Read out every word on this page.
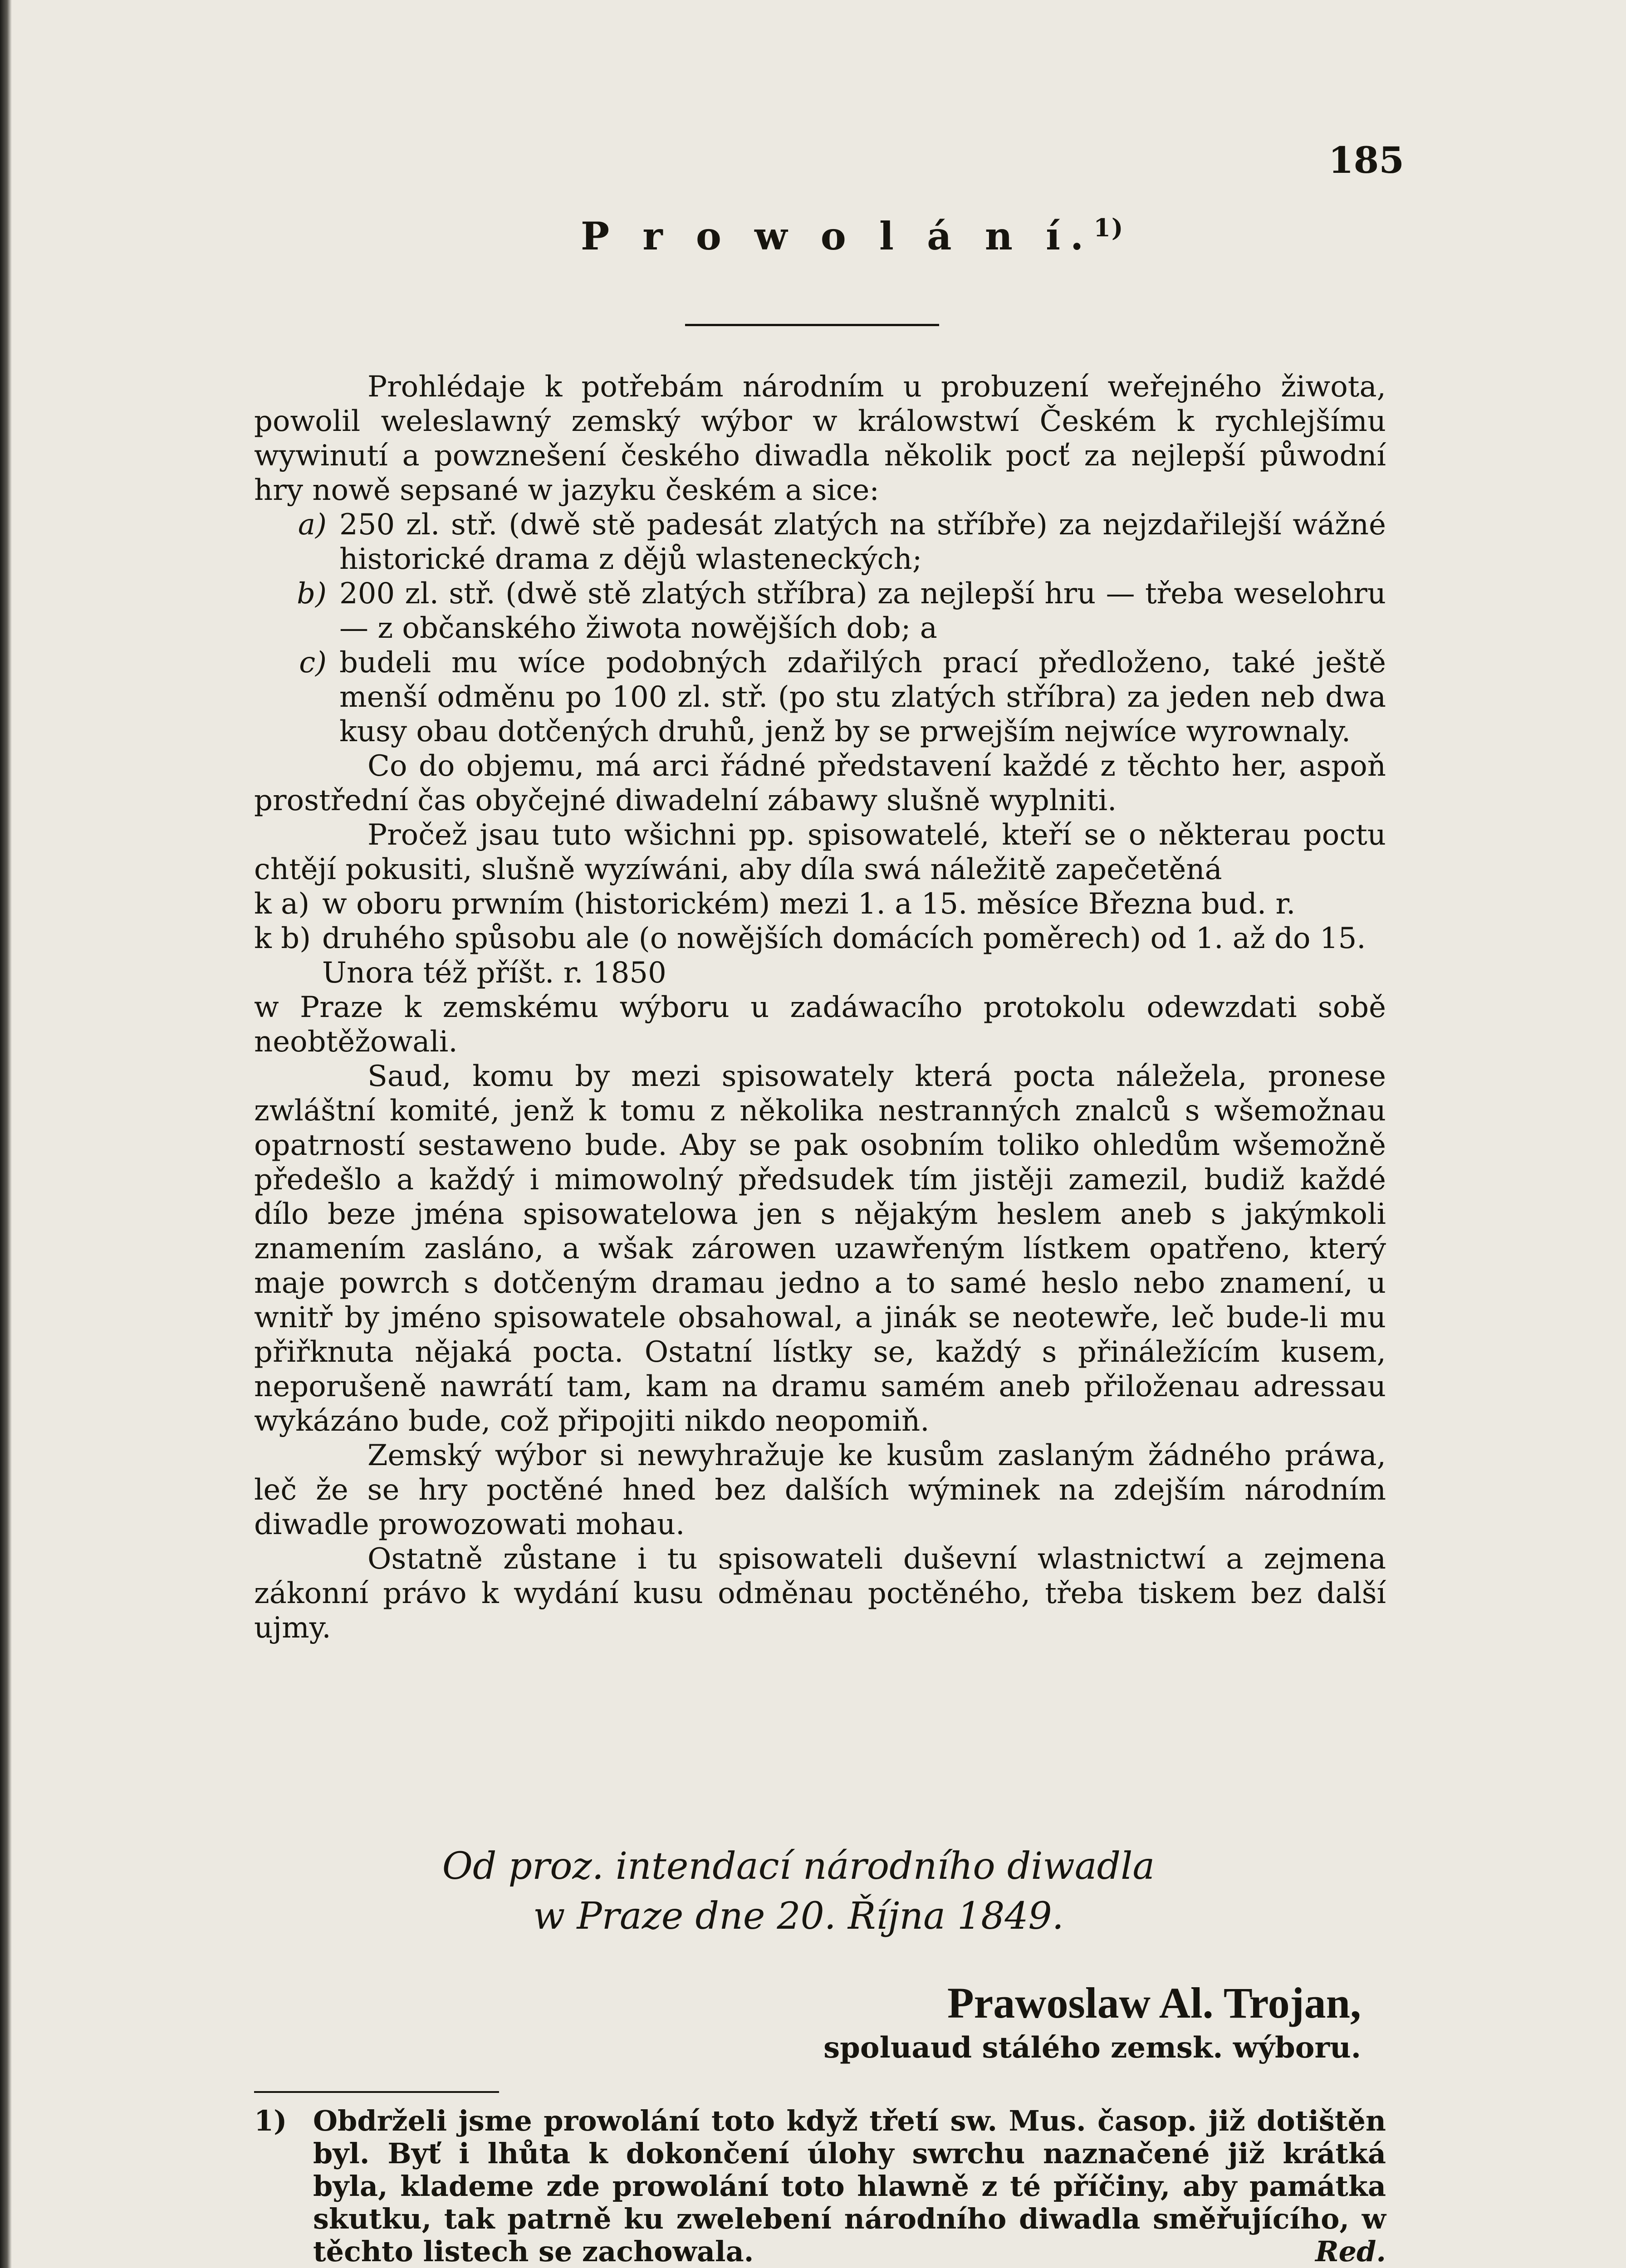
185
P r o w o l á n í.$^{1)}$

Prohlédaje k potřebám národním u probuzení weřejného žiwota, powolil weleslawný zemský wýbor w králowstwí Českém k rychlejšímu wywinutí a powznešení českého diwadla několik pocť za nejlepší půwodní hry nowě sepsané w jazyku českém a sice:

a) 250 zl. stř. (dwě stě padesát zlatých na stříbře) za nejzdařilejší wážné historické drama z dějů wlasteneckých;
b) 200 zl. stř. (dwě stě zlatých stříbra) za nejlepší hru — třeba weselohru — z občanského žiwota nowějších dob; a
c) budeli mu wíce podobných zdařilých prací předloženo, také ještě menší odměnu po 100 zl. stř. (po stu zlatých stříbra) za jeden neb dwa kusy obau dotčených druhů, jenž by se prwejším nejwíce wyrownaly.

Co do objemu, má arci řádné představení každé z těchto her, aspoň prostřední čas obyčejné diwadelní zábawy slušně wyplniti.

Pročež jsau tuto wšichni pp. spisowatelé, kteří se o některau poctu chtějí pokusiti, slušně wyzíwáni, aby díla swá náležitě zapečetěná

k a) w oboru prwním (historickém) mezi 1. a 15. měsíce Března bud. r.
k b) druhého spůsobu ale (o nowějších domácích poměrech) od 1. až do 15. Unora též příšt. r. 1850

w Praze k zemskému wýboru u zadáwacího protokolu odewzdati sobě neobtěžowali.

Saud, komu by mezi spisowately která pocta náležela, pronese zwláštní komité, jenž k tomu z několika nestranných znalců s wšemožnau opatrností sestaweno bude. Aby se pak osobním toliko ohledům wšemožně předešlo a každý i mimowolný předsudek tím jistěji zamezil, budiž každé dílo beze jména spisowatelowa jen s nějakým heslem aneb s jakýmkoli znamením zasláno, a wšak zárowen uzawřeným lístkem opatřeno, který maje powrch s dotčeným dramau jedno a to samé heslo nebo znamení, u wnitř by jméno spisowatele obsahowal, a jinák se neotewře, leč bude-li mu přiřknuta nějaká pocta. Ostatní lístky se, každý s přináležícím kusem, neporušeně nawrátí tam, kam na dramu samém aneb přiloženau adressau wykázáno bude, což připojiti nikdo neopomiň.

Zemský wýbor si newyhražuje ke kusům zaslaným žádného práwa, leč že se hry poctěné hned bez dalších wýminek na zdejším národním diwadle prowozowati mohau.

Ostatně zůstane i tu spisowateli duševní wlastnictwí a zejmena zákonní právo k wydání kusu odměnau poctěného, třeba tiskem bez další ujmy.

Od proz. intendací národního diwadla
w Praze dne 20. Října 1849.
Prawoslaw Al. Trojan,
spoluaud stálého zemsk. wýboru.
1) Obdrželi jsme prowolání toto když třetí sw. Mus. časop. již dotištěn byl. Byť i lhůta k dokončení úlohy swrchu naznačené již krátká byla, klademe zde prowolání toto hlawně z té příčiny, aby památka skutku, tak patrně ku zwelebení národního diwadla směřujícího, w těchto listech se zachowala.	Red.
